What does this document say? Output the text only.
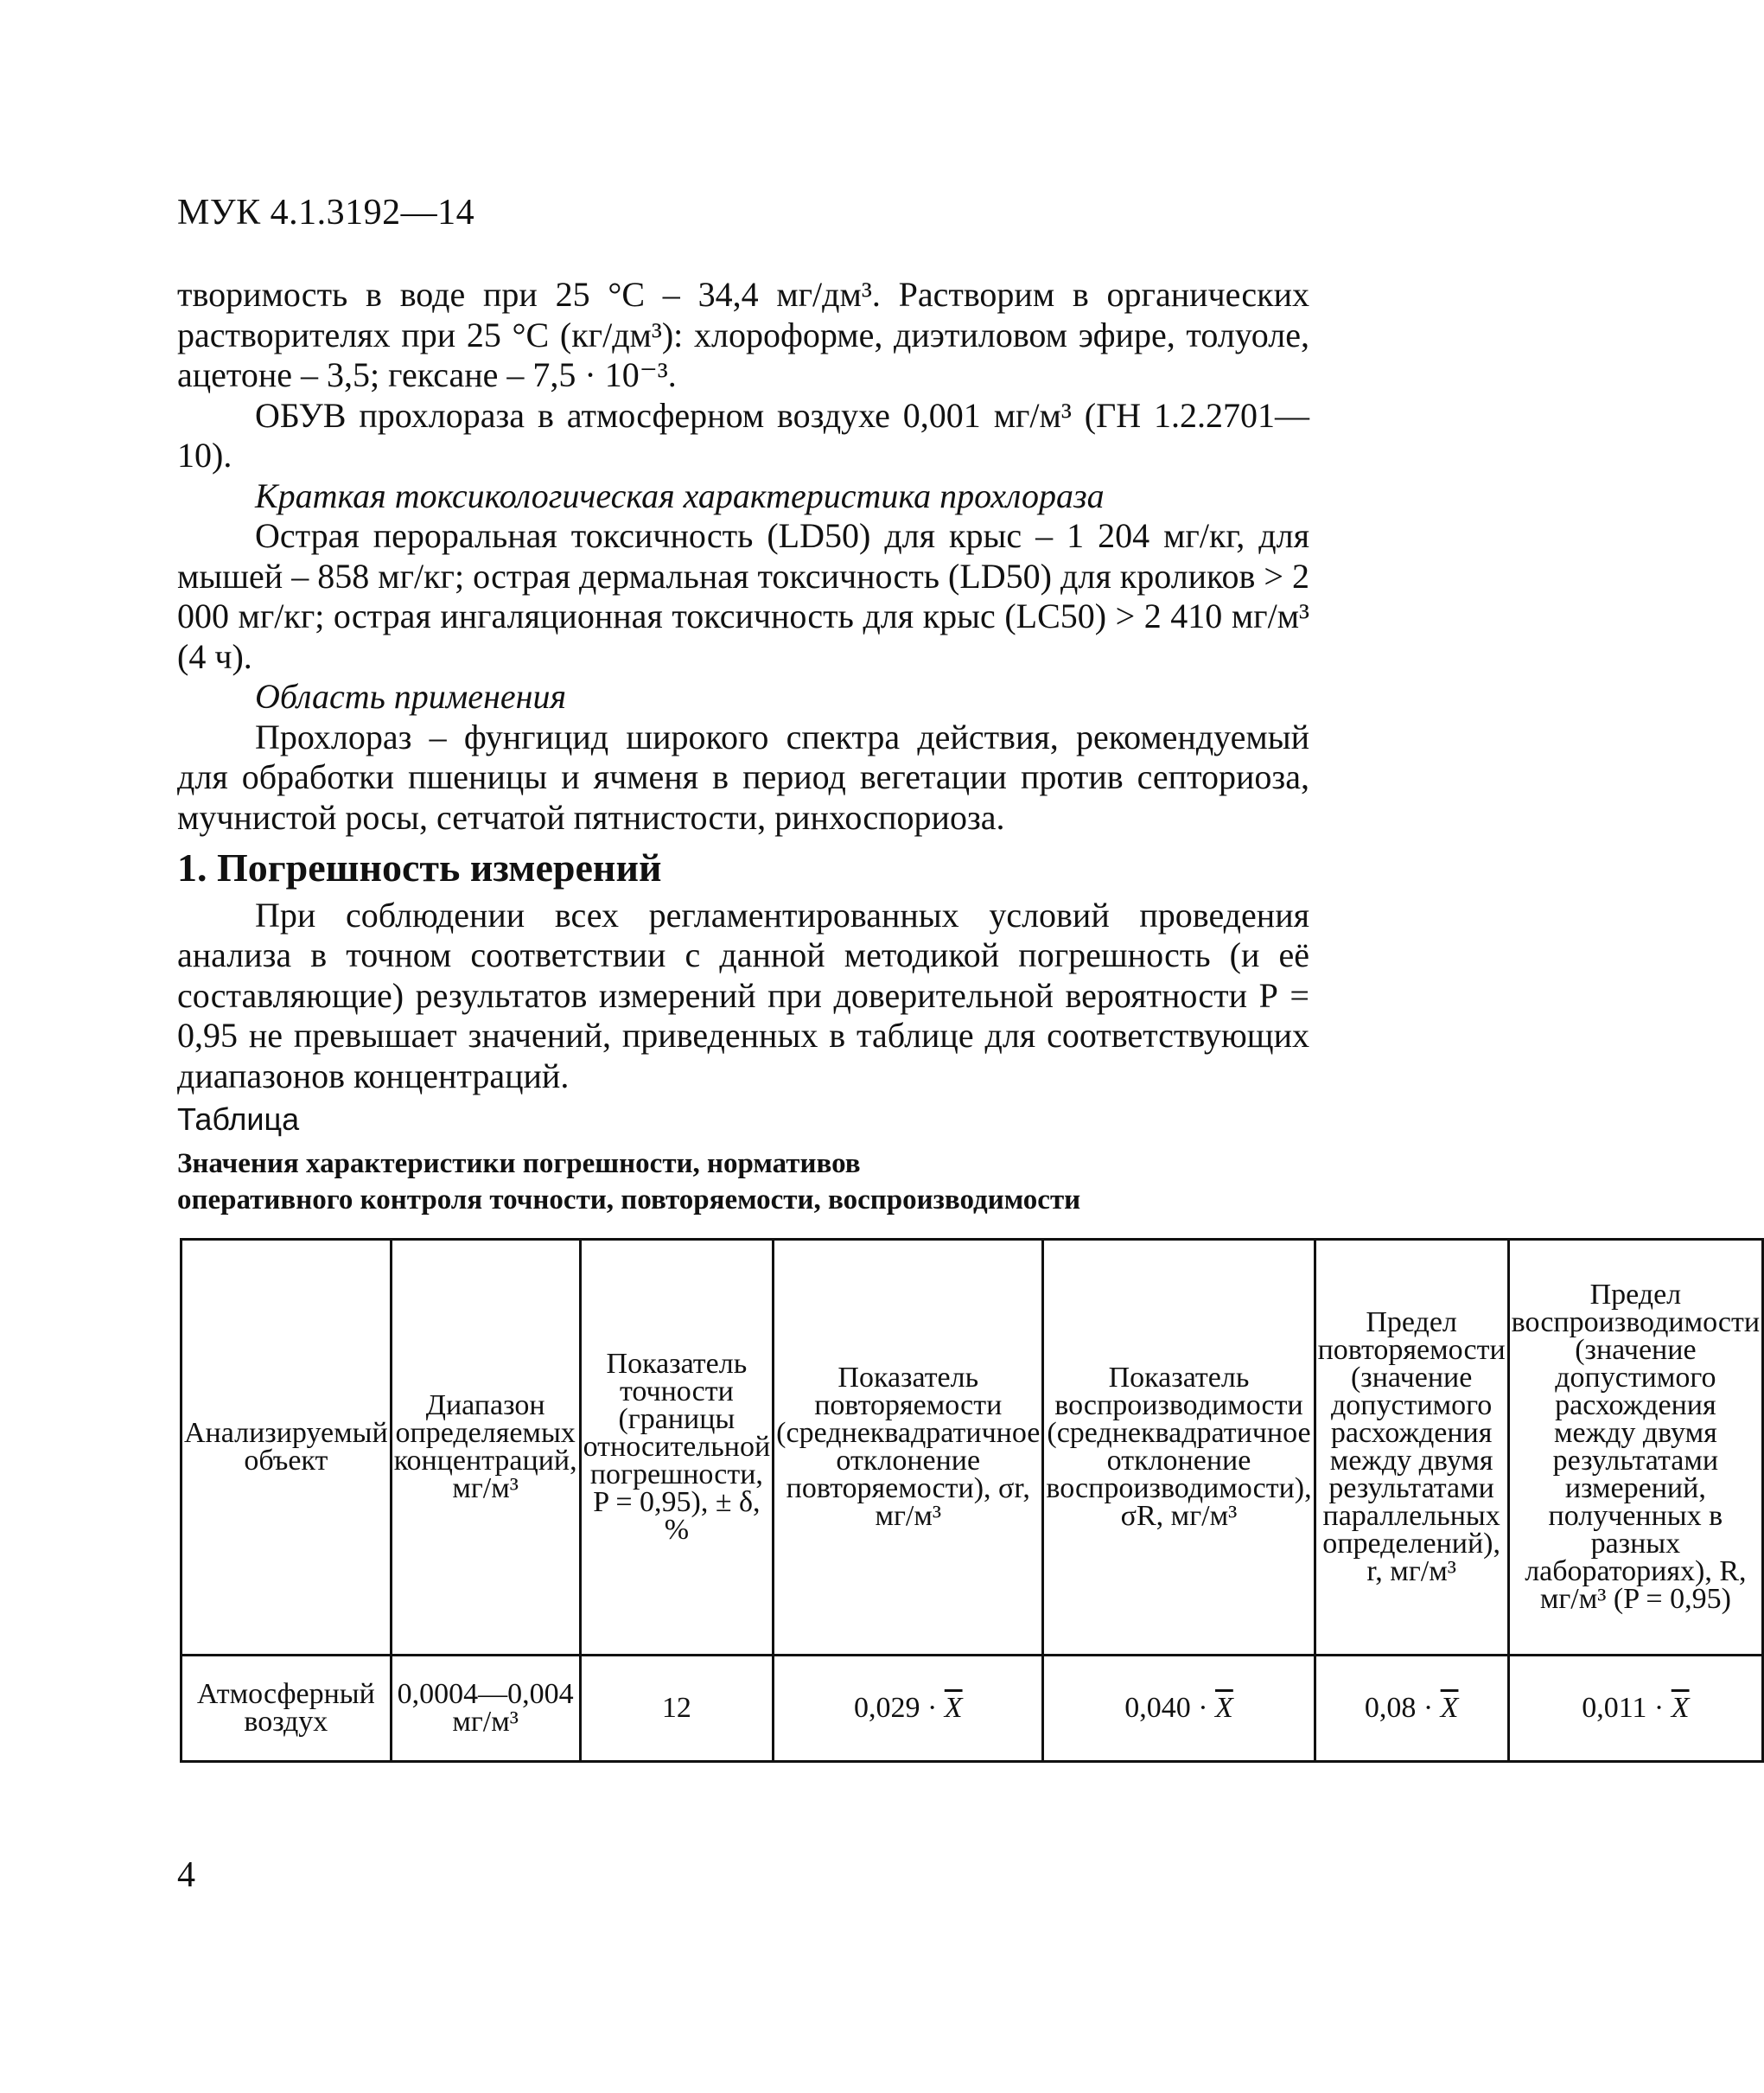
МУК 4.1.3192—14

творимость в воде при 25 °С – 34,4 мг/дм³. Растворим в органических растворителях при 25 °С (кг/дм³): хлороформе, диэтиловом эфире, толуоле, ацетоне – 3,5; гексане – 7,5 · 10⁻³.

ОБУВ прохлораза в атмосферном воздухе 0,001 мг/м³ (ГН 1.2.2701—10).

Краткая токсикологическая характеристика прохлораза

Острая пероральная токсичность (LD50) для крыс – 1 204 мг/кг, для мышей – 858 мг/кг; острая дермальная токсичность (LD50) для кроликов > 2 000 мг/кг; острая ингаляционная токсичность для крыс (LC50) > 2 410 мг/м³ (4 ч).

Область применения

Прохлораз – фунгицид широкого спектра действия, рекомендуемый для обработки пшеницы и ячменя в период вегетации против септориоза, мучнистой росы, сетчатой пятнистости, ринхоспориоза.

1. Погрешность измерений

При соблюдении всех регламентированных условий проведения анализа в точном соответствии с данной методикой погрешность (и её составляющие) результатов измерений при доверительной вероятности Р = 0,95 не превышает значений, приведенных в таблице для соответствующих диапазонов концентраций.

Таблица

Значения характеристики погрешности, нормативов
оперативного контроля точности, повторяемости, воспроизводимости

Анализируемый объект	Диапазон определяемых концентраций, мг/м³	Показатель точности (границы относительной погрешности, P = 0,95), ± δ, %	Показатель повторяемости (среднеквадратичное отклонение повторяемости), σr, мг/м³	Показатель воспроизводимости (среднеквадратичное отклонение воспроизводимости), σR, мг/м³	Предел повторяемости (значение допустимого расхождения между двумя результатами параллельных определений), r, мг/м³	Предел воспроизводимости (значение допустимого расхождения между двумя результатами измерений, полученных в разных лабораториях), R, мг/м³ (P = 0,95)
Атмосферный воздух	0,0004—0,004 мг/м³	12	$0,029 \cdot \overline{X}$	$0,040 \cdot \overline{X}$	$0,08 \cdot \overline{X}$	$0,011 \cdot \overline{X}$
4
